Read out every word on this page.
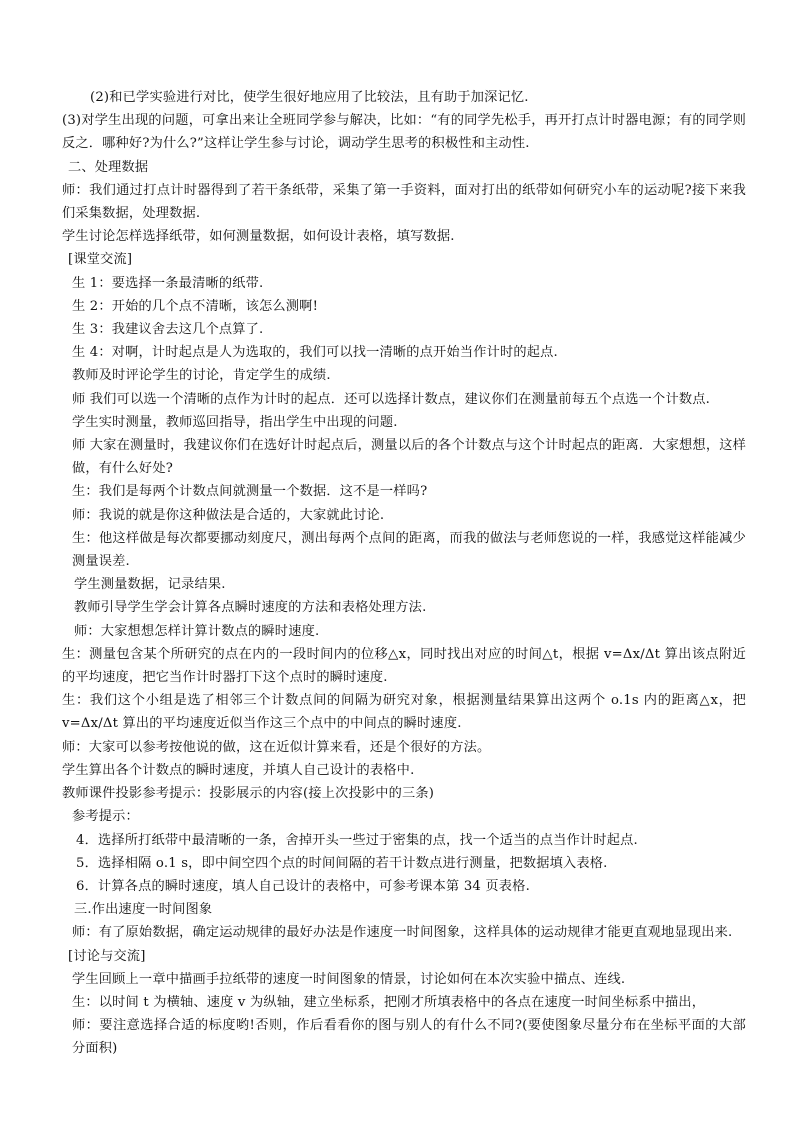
(2)和已学实验进行对比，使学生很好地应用了比较法，且有助于加深记忆.
(3)对学生出现的问题，可拿出来让全班同学参与解决，比如：“有的同学先松手，再开打点计时器电源；有的同学则反之．哪种好?为什么?”这样让学生参与讨论，调动学生思考的积极性和主动性.
二、处理数据
师：我们通过打点计时器得到了若干条纸带，采集了第一手资料，面对打出的纸带如何研究小车的运动呢?接下来我们采集数据，处理数据.
学生讨论怎样选择纸带，如何测量数据，如何设计表格，填写数据.
[课堂交流]
生 1：要选择一条最清晰的纸带.
生 2：开始的几个点不清晰，该怎么测啊!
生 3：我建议舍去这几个点算了.
生 4：对啊，计时起点是人为选取的，我们可以找一清晰的点开始当作计时的起点.
教师及时评论学生的讨论，肯定学生的成绩.
师 我们可以选一个清晰的点作为计时的起点．还可以选择计数点，建议你们在测量前每五个点选一个计数点.
学生实时测量，教师巡回指导，指出学生中出现的问题.
师 大家在测量时，我建议你们在选好计时起点后，测量以后的各个计数点与这个计时起点的距离．大家想想，这样做，有什么好处?
生：我们是每两个计数点间就测量一个数据．这不是一样吗?
师：我说的就是你这种做法是合适的，大家就此讨论.
生：他这样做是每次都要挪动刻度尺，测出每两个点间的距离，而我的做法与老师您说的一样，我感觉这样能减少测量误差.
学生测量数据，记录结果.
教师引导学生学会计算各点瞬时速度的方法和表格处理方法.
师：大家想想怎样计算计数点的瞬时速度.
生：测量包含某个所研究的点在内的一段时间内的位移△x，同时找出对应的时间△t，根据 v=Δx/Δt 算出该点附近的平均速度，把它当作计时器打下这个点时的瞬时速度.
生：我们这个小组是选了相邻三个计数点间的间隔为研究对象，根据测量结果算出这两个 o.1s 内的距离△x，把 v=Δx/Δt 算出的平均速度近似当作这三个点中的中间点的瞬时速度.
师：大家可以参考按他说的做，这在近似计算来看，还是个很好的方法。
学生算出各个计数点的瞬时速度，并填人自己设计的表格中.
教师课件投影参考提示：投影展示的内容(接上次投影中的三条)
参考提示：
4．选择所打纸带中最清晰的一条，舍掉开头一些过于密集的点，找一个适当的点当作计时起点.
5．选择相隔 o.1 s，即中间空四个点的时间间隔的若干计数点进行测量，把数据填入表格.
6．计算各点的瞬时速度，填人自己设计的表格中，可参考课本第 34 页表格.
三.作出速度一时间图象
师：有了原始数据，确定运动规律的最好办法是作速度一时间图象，这样具体的运动规律才能更直观地显现出来.
[讨论与交流]
学生回顾上一章中描画手拉纸带的速度一时间图象的情景，讨论如何在本次实验中描点、连线.
生：以时间 t 为横轴、速度 v 为纵轴，建立坐标系，把刚才所填表格中的各点在速度一时间坐标系中描出，
师：要注意选择合适的标度哟!否则，作后看看你的图与别人的有什么不同?(要使图象尽量分布在坐标平面的大部分面积)
